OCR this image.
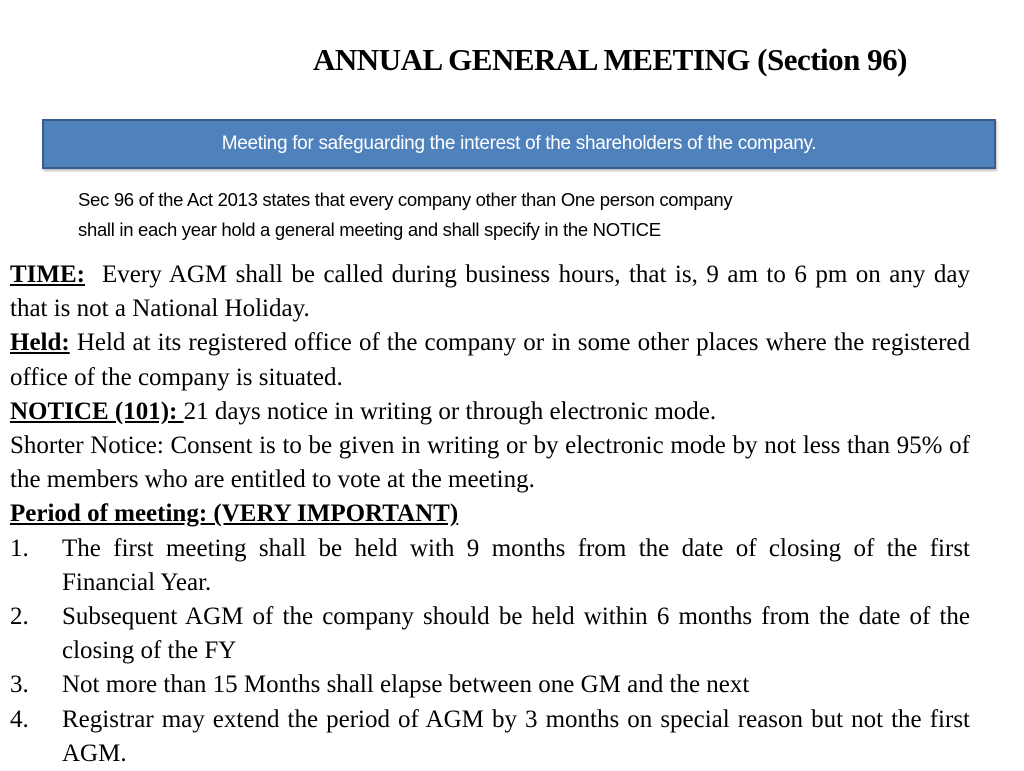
ANNUAL GENERAL MEETING (Section 96)
Meeting for safeguarding the interest of the shareholders of the company.
Sec 96 of the Act 2013 states that every company other than One person company
shall in each year hold a general meeting and shall specify in the NOTICE

TIME: Every AGM shall be called during business hours, that is, 9 am to 6 pm on any day that is not a National Holiday.

Held: Held at its registered office of the company or in some other places where the registered office of the company is situated.

NOTICE (101): 21 days notice in writing or through electronic mode.

Shorter Notice: Consent is to be given in writing or by electronic mode by not less than 95% of the members who are entitled to vote at the meeting.

Period of meeting: (VERY IMPORTANT)

1.	The first meeting shall be held with 9 months from the date of closing of the first Financial Year.
2.	Subsequent AGM of the company should be held within 6 months from the date of the closing of the FY
3.	Not more than 15 Months shall elapse between one GM and the next
4.	Registrar may extend the period of AGM by 3 months on special reason but not the first AGM.
